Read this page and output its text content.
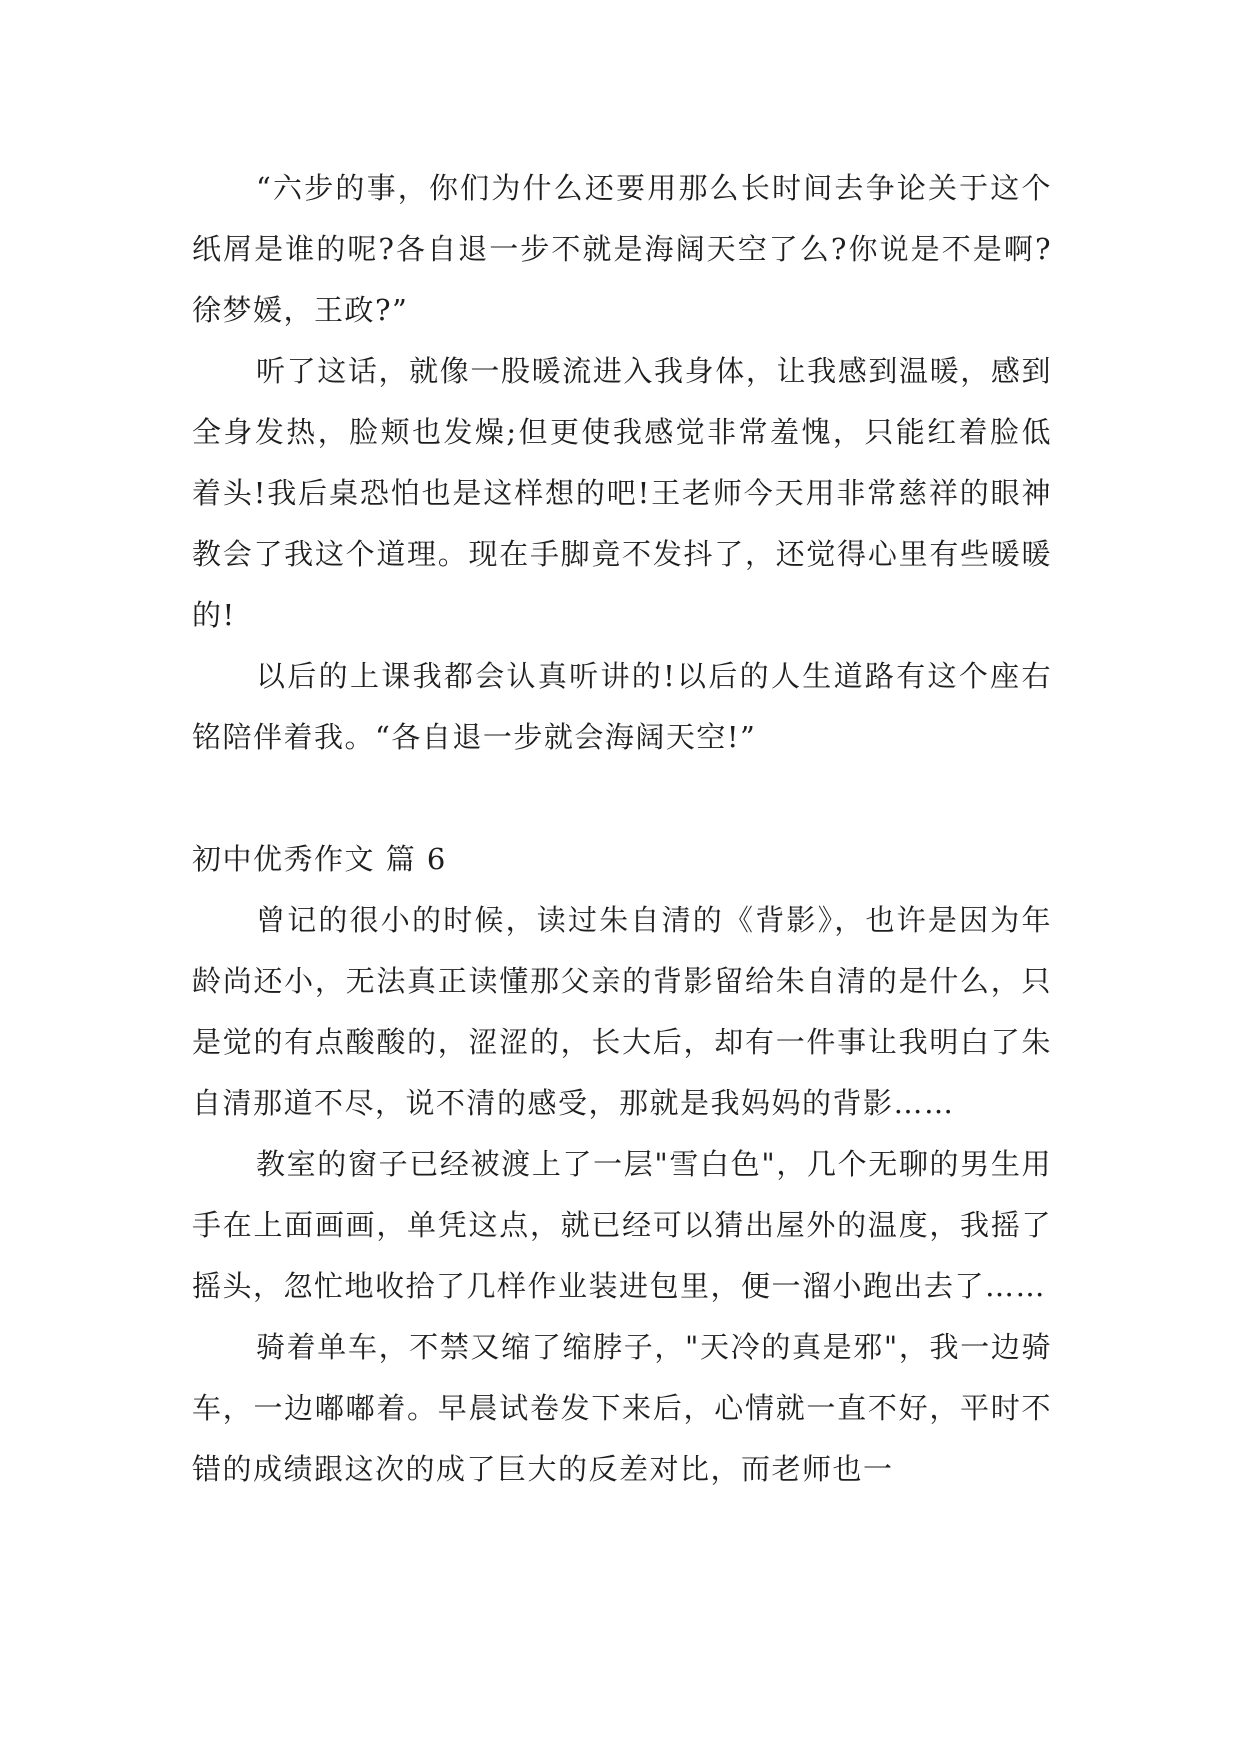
“六步的事，你们为什么还要用那么长时间去争论关于这个纸屑是谁的呢?各自退一步不就是海阔天空了么?你说是不是啊?徐梦媛，王政?”

听了这话，就像一股暖流进入我身体，让我感到温暖，感到全身发热，脸颊也发燥;但更使我感觉非常羞愧，只能红着脸低着头!我后桌恐怕也是这样想的吧!王老师今天用非常慈祥的眼神教会了我这个道理。现在手脚竟不发抖了，还觉得心里有些暖暖的!

以后的上课我都会认真听讲的!以后的人生道路有这个座右铭陪伴着我。“各自退一步就会海阔天空!”

初中优秀作文 篇 6

曾记的很小的时候，读过朱自清的《背影》，也许是因为年龄尚还小，无法真正读懂那父亲的背影留给朱自清的是什么，只是觉的有点酸酸的，涩涩的，长大后，却有一件事让我明白了朱自清那道不尽，说不清的感受，那就是我妈妈的背影……

教室的窗子已经被渡上了一层"雪白色"，几个无聊的男生用手在上面画画，单凭这点，就已经可以猜出屋外的温度，我摇了摇头，忽忙地收拾了几样作业装进包里，便一溜小跑出去了……

骑着单车，不禁又缩了缩脖子，"天冷的真是邪"，我一边骑车，一边嘟嘟着。早晨试卷发下来后，心情就一直不好，平时不错的成绩跟这次的成了巨大的反差对比，而老师也一
